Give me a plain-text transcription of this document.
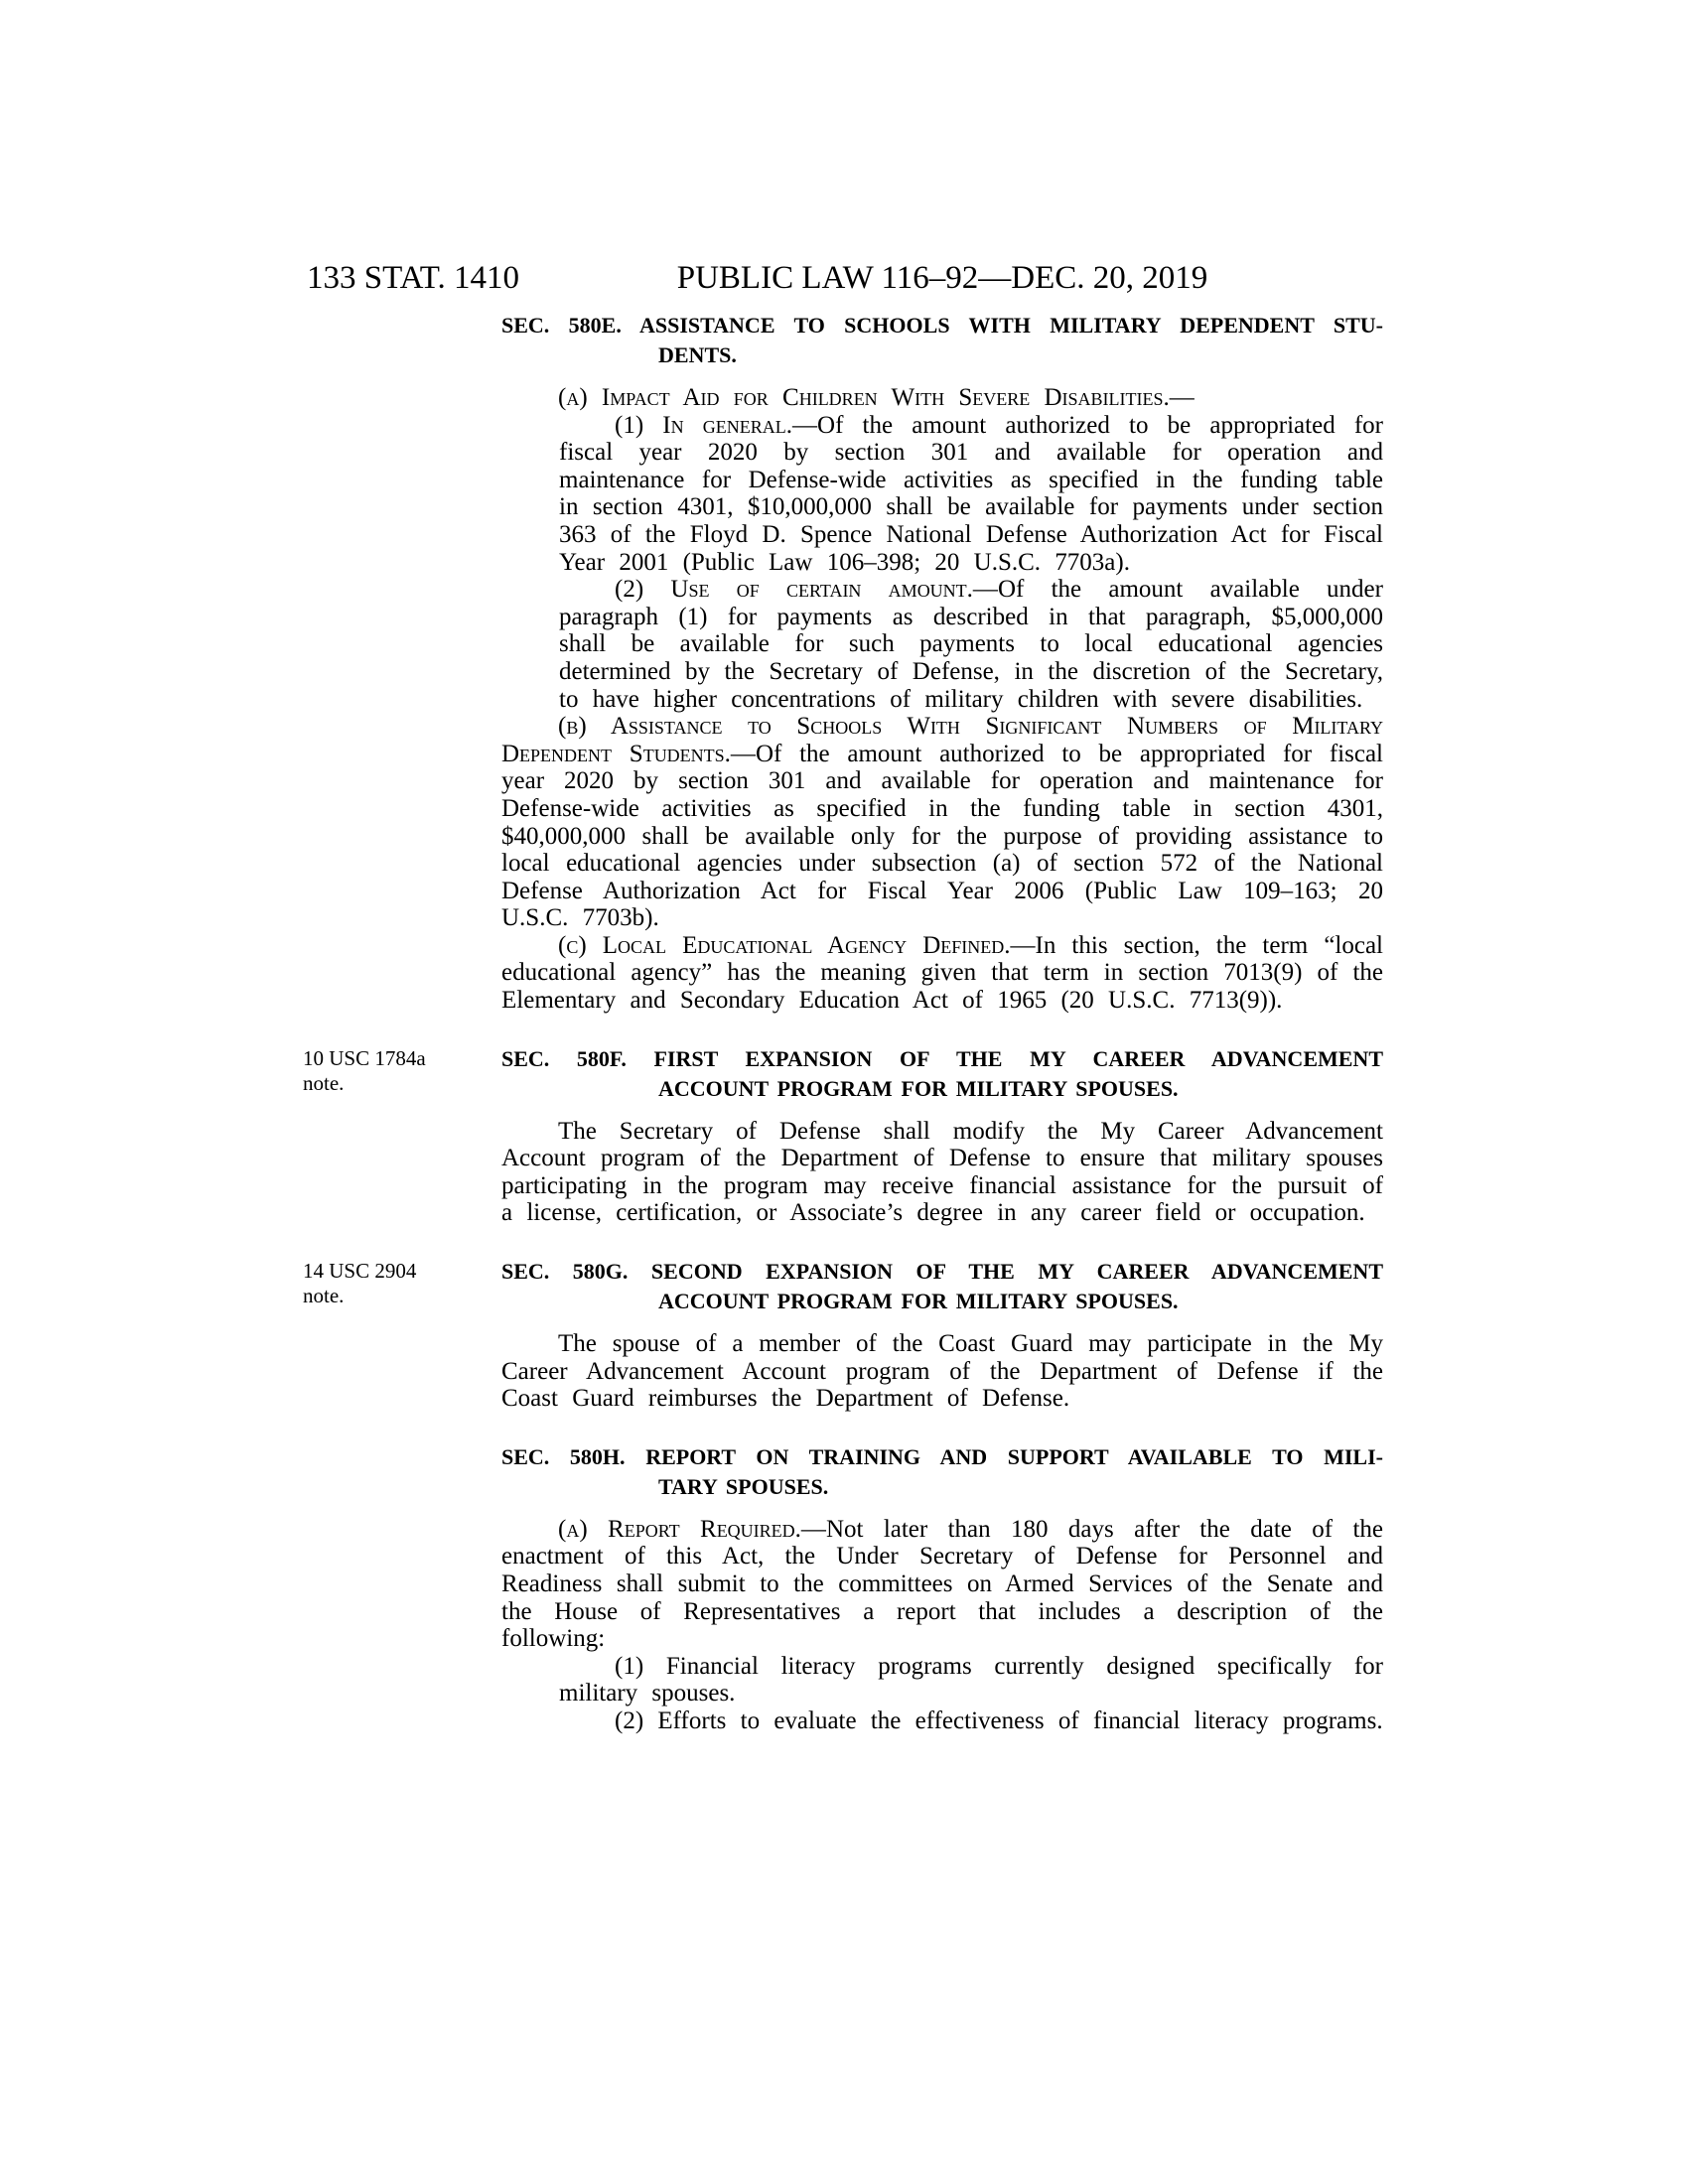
133 STAT. 1410	PUBLIC LAW 116–92—DEC. 20, 2019
SEC. 580E. ASSISTANCE TO SCHOOLS WITH MILITARY DEPENDENT STU-
DENTS.

(a) Impact Aid for Children With Severe Disabilities.—

(1) In general.—Of the amount authorized to be appropriated for fiscal year 2020 by section 301 and available for operation and maintenance for Defense-wide activities as specified in the funding table in section 4301, $10,000,000 shall be available for payments under section 363 of the Floyd D. Spence National Defense Authorization Act for Fiscal Year 2001 (Public Law 106–398; 20 U.S.C. 7703a).

(2) Use of certain amount.—Of the amount available under paragraph (1) for payments as described in that paragraph, $5,000,000 shall be available for such payments to local educational agencies determined by the Secretary of Defense, in the discretion of the Secretary, to have higher concentrations of military children with severe disabilities.

(b) Assistance to Schools With Significant Numbers of Military Dependent Students.—Of the amount authorized to be appropriated for fiscal year 2020 by section 301 and available for operation and maintenance for Defense-wide activities as specified in the funding table in section 4301, $40,000,000 shall be available only for the purpose of providing assistance to local educational agencies under subsection (a) of section 572 of the National Defense Authorization Act for Fiscal Year 2006 (Public Law 109–163; 20 U.S.C. 7703b).

(c) Local Educational Agency Defined.—In this section, the term “local educational agency” has the meaning given that term in section 7013(9) of the Elementary and Secondary Education Act of 1965 (20 U.S.C. 7713(9)).

10 USC 1784a
note.
SEC. 580F. FIRST EXPANSION OF THE MY CAREER ADVANCEMENT
ACCOUNT PROGRAM FOR MILITARY SPOUSES.

The Secretary of Defense shall modify the My Career Advancement Account program of the Department of Defense to ensure that military spouses participating in the program may receive financial assistance for the pursuit of a license, certification, or Associate’s degree in any career field or occupation.

14 USC 2904
note.
SEC. 580G. SECOND EXPANSION OF THE MY CAREER ADVANCEMENT
ACCOUNT PROGRAM FOR MILITARY SPOUSES.

The spouse of a member of the Coast Guard may participate in the My Career Advancement Account program of the Department of Defense if the Coast Guard reimburses the Department of Defense.

SEC. 580H. REPORT ON TRAINING AND SUPPORT AVAILABLE TO MILI-
TARY SPOUSES.

(a) Report Required.—Not later than 180 days after the date of the enactment of this Act, the Under Secretary of Defense for Personnel and Readiness shall submit to the committees on Armed Services of the Senate and the House of Representatives a report that includes a description of the following:

(1) Financial literacy programs currently designed specifically for military spouses.

(2) Efforts to evaluate the effectiveness of financial literacy programs.
